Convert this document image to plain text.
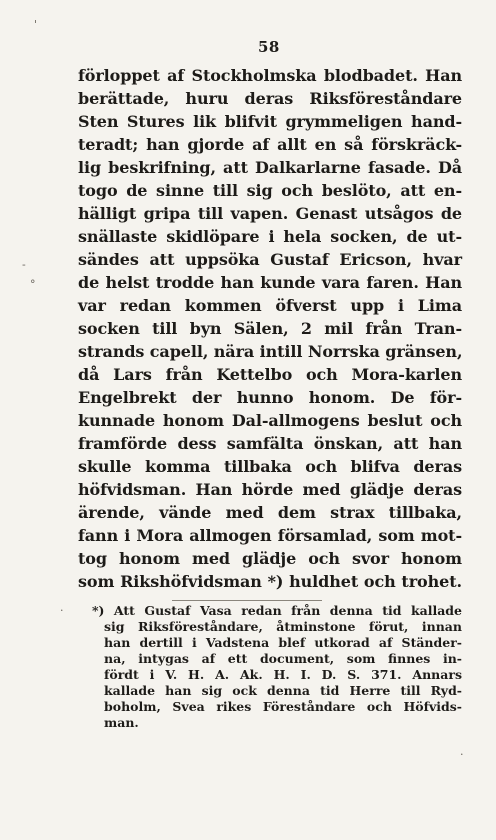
58
förloppet af Stockholmska blodbadet. Han
berättade, huru deras Riksföreståndare
Sten Stures lik blifvit grymmeligen hand-
teradt; han gjorde af allt en så förskräck-
lig beskrifning, att Dalkarlarne fasade. Då
togo de sinne till sig och beslöto, att en-
hälligt gripa till vapen. Genast utsågos de
snällaste skidlöpare i hela socken, de ut-
sändes att uppsöka Gustaf Ericson, hvar
de helst trodde han kunde vara faren. Han
var redan kommen öfverst upp i Lima
socken till byn Sälen, 2 mil från Tran-
strands capell, nära intill Norrska gränsen,
då Lars från Kettelbo och Mora-karlen
Engelbrekt der hunno honom. De för-
kunnade honom Dal-allmogens beslut och
framförde dess samfälta önskan, att han
skulle komma tillbaka och blifva deras
höfvidsman. Han hörde med glädje deras
ärende, vände med dem strax tillbaka,
fann i Mora allmogen församlad, som mot-
tog honom med glädje och svor honom
som Rikshöfvidsman *) huldhet och trohet.
*) Att Gustaf Vasa redan från denna tid kallade
sig Riksföreståndare, åtminstone förut, innan
han dertill i Vadstena blef utkorad af Ständer-
na, intygas af ett document, som finnes in-
fördt i V. H. A. Ak. H. I. D. S. 371. Annars
kallade han sig ock denna tid Herre till Ryd-
boholm, Svea rikes Föreståndare och Höfvids-
man.
'
°
-
·
.
